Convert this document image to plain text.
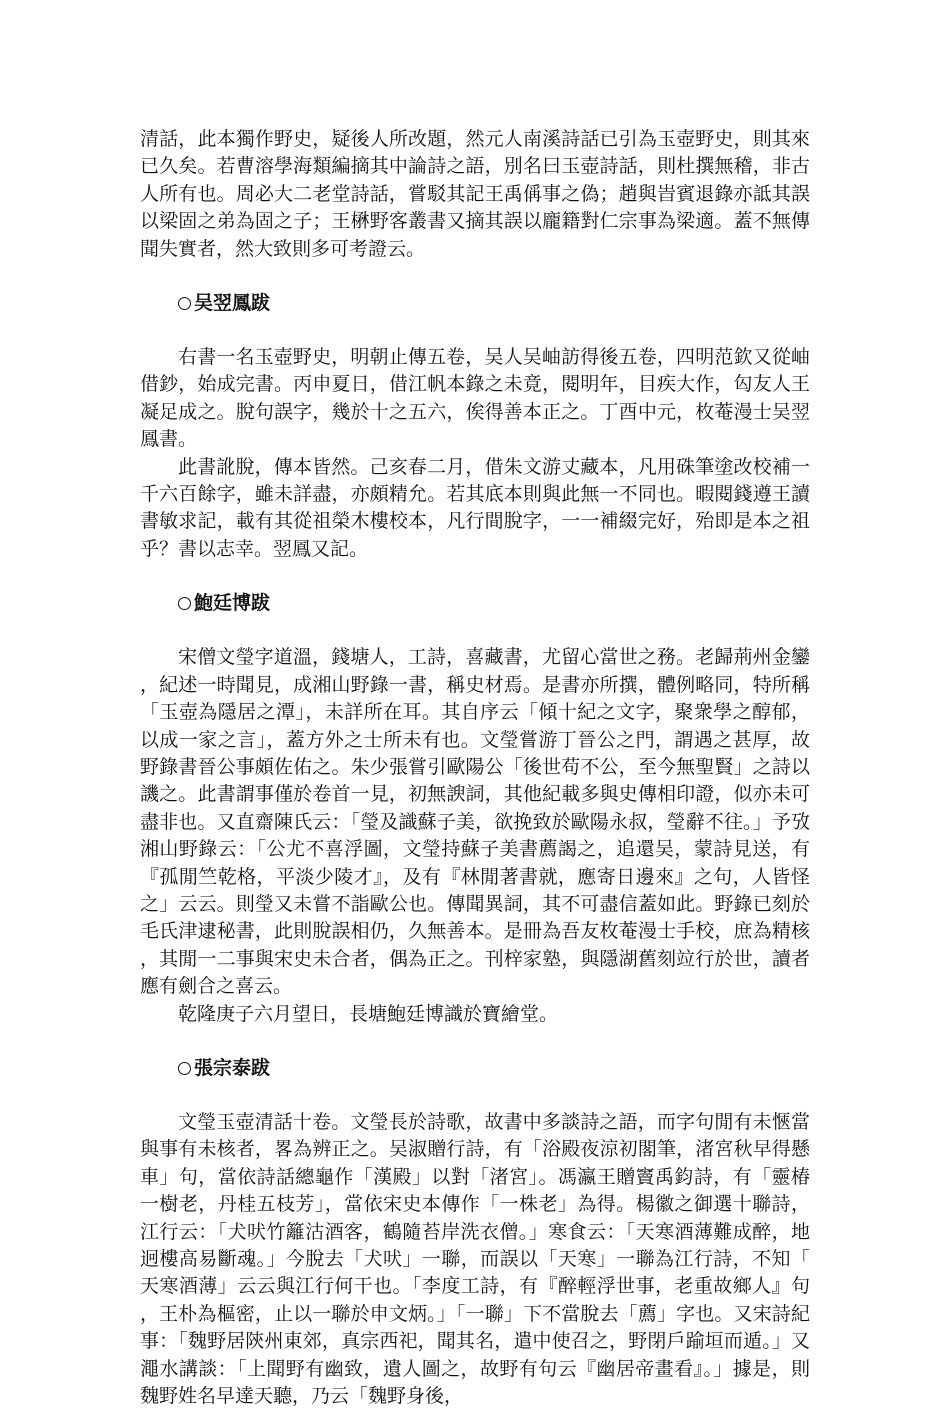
清話，此本獨作野史，疑後人所改題，然元人南溪詩話已引為玉壺野史，則其來已久矣。若曹溶學海類編摘其中論詩之語，別名曰玉壺詩話，則杜撰無稽，非古人所有也。周必大二老堂詩話，嘗駁其記王禹偁事之偽；趙與旹賓退錄亦詆其誤以梁固之弟為固之子；王楙野客叢書又摘其誤以龐籍對仁宗事為梁適。蓋不無傳聞失實者，然大致則多可考證云。

吴翌鳳跋

右書一名玉壺野史，明朝止傳五卷，吴人吴岫訪得後五卷，四明范欽又從岫借鈔，始成完書。丙申夏日，借江帆本錄之未竟，閱明年，目疾大作，匃友人王凝足成之。脫句誤字，幾於十之五六，俟得善本正之。丁酉中元，枚菴漫士吴翌鳳書。

此書訛脫，傳本皆然。己亥春二月，借朱文游丈藏本，凡用硃筆塗改校補一千六百餘字，雖未詳盡，亦頗精允。若其底本則與此無一不同也。暇閱錢遵王讀書敏求記，載有其從祖榮木樓校本，凡行間脫字，一一補綴完好，殆即是本之祖乎？書以志幸。翌鳳又記。

鮑廷博跋

宋僧文瑩字道溫，錢塘人，工詩，喜藏書，尤留心當世之務。老歸荊州金鑾，紀述一時聞見，成湘山野錄一書，稱史材焉。是書亦所撰，體例略同，特所稱「玉壺為隱居之潭」，未詳所在耳。其自序云「傾十紀之文字，聚衆學之醇郁，以成一家之言」，蓋方外之士所未有也。文瑩嘗游丁晉公之門，謂遇之甚厚，故野錄書晉公事頗佐佑之。朱少張嘗引歐陽公「後世苟不公，至今無聖賢」之詩以譏之。此書謂事僅於卷首一見，初無諛詞，其他紀載多與史傳相印證，似亦未可盡非也。又直齋陳氏云：「瑩及識蘇子美，欲挽致於歐陽永叔，瑩辭不往。」予攷湘山野錄云：「公尤不喜浮圖，文瑩持蘇子美書薦謁之，追還吴，蒙詩見送，有『孤閒竺乾格，平淡少陵才』，及有『林閒著書就，應寄日邊來』之句，人皆怪之」云云。則瑩又未嘗不詣歐公也。傳聞異詞，其不可盡信蓋如此。野錄已刻於毛氏津逮秘書，此則脫誤相仍，久無善本。是冊為吾友枚菴漫士手校，庶為精核，其閒一二事與宋史未合者，偶為正之。刊梓家塾，與隱湖舊刻竝行於世，讀者應有劍合之喜云。

乾隆庚子六月望日，長塘鮑廷博識於寶繪堂。

張宗泰跋

文瑩玉壺清話十卷。文瑩長於詩歌，故書中多談詩之語，而字句閒有未愜當與事有未核者，畧為辨正之。吴淑贈行詩，有「浴殿夜涼初閣筆，渚宮秋早得懸車」句，當依詩話總龜作「漢殿」以對「渚宮」。馮瀛王贈竇禹鈞詩，有「靈椿一樹老，丹桂五枝芳」，當依宋史本傳作「一株老」為得。楊徽之御選十聯詩，江行云：「犬吠竹籬沽酒客，鶴隨苔岸洗衣僧。」寒食云：「天寒酒薄難成醉，地迥樓高易斷魂。」今脫去「犬吠」一聯，而誤以「天寒」一聯為江行詩，不知「天寒酒薄」云云與江行何干也。「李度工詩，有『醉輕浮世事，老重故鄉人』句，王朴為樞密，止以一聯於申文炳。」「一聯」下不當脫去「薦」字也。又宋詩紀事：「魏野居陝州東郊，真宗西祀，聞其名，遣中使召之，野閉戶踰垣而遁。」又澠水講談：「上聞野有幽致，遺人圖之，故野有句云『幽居帝畫看』。」據是，則魏野姓名早達天聽，乃云「魏野身後，
